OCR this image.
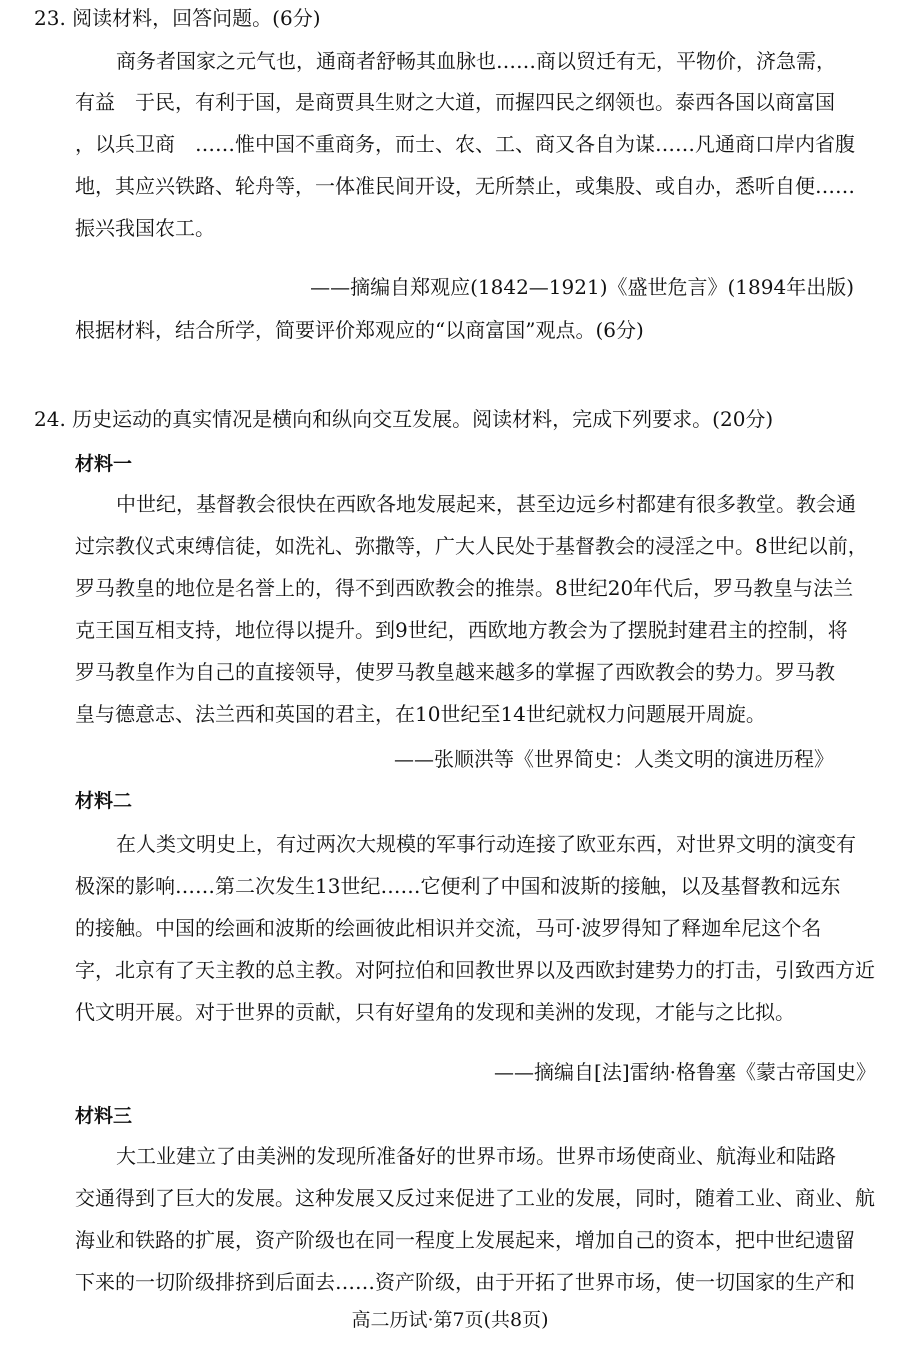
23. 阅读材料，回答问题。(6分)
商务者国家之元气也，通商者舒畅其血脉也……商以贸迁有无，平物价，济急需，
有益　于民，有利于国，是商贾具生财之大道，而握四民之纲领也。泰西各国以商富国
，以兵卫商　……惟中国不重商务，而士、农、工、商又各自为谋……凡通商口岸内省腹
地，其应兴铁路、轮舟等，一体准民间开设，无所禁止，或集股、或自办，悉听自便……
振兴我国农工。
——摘编自郑观应(1842—1921)《盛世危言》(1894年出版)
根据材料，结合所学，简要评价郑观应的“以商富国”观点。(6分)
24. 历史运动的真实情况是横向和纵向交互发展。阅读材料，完成下列要求。(20分)
材料一
中世纪，基督教会很快在西欧各地发展起来，甚至边远乡村都建有很多教堂。教会通
过宗教仪式束缚信徒，如洗礼、弥撒等，广大人民处于基督教会的浸淫之中。8世纪以前，
罗马教皇的地位是名誉上的，得不到西欧教会的推崇。8世纪20年代后，罗马教皇与法兰
克王国互相支持，地位得以提升。到9世纪，西欧地方教会为了摆脱封建君主的控制，将
罗马教皇作为自己的直接领导，使罗马教皇越来越多的掌握了西欧教会的势力。罗马教
皇与德意志、法兰西和英国的君主，在10世纪至14世纪就权力问题展开周旋。
——张顺洪等《世界简史：人类文明的演进历程》
材料二
在人类文明史上，有过两次大规模的军事行动连接了欧亚东西，对世界文明的演变有
极深的影响……第二次发生13世纪……它便利了中国和波斯的接触，以及基督教和远东
的接触。中国的绘画和波斯的绘画彼此相识并交流，马可·波罗得知了释迦牟尼这个名
字，北京有了天主教的总主教。对阿拉伯和回教世界以及西欧封建势力的打击，引致西方近
代文明开展。对于世界的贡献，只有好望角的发现和美洲的发现，才能与之比拟。
——摘编自[法]雷纳·格鲁塞《蒙古帝国史》
材料三
大工业建立了由美洲的发现所准备好的世界市场。世界市场使商业、航海业和陆路
交通得到了巨大的发展。这种发展又反过来促进了工业的发展，同时，随着工业、商业、航
海业和铁路的扩展，资产阶级也在同一程度上发展起来，增加自己的资本，把中世纪遗留
下来的一切阶级排挤到后面去……资产阶级，由于开拓了世界市场，使一切国家的生产和
高二历试·第7页(共8页)
